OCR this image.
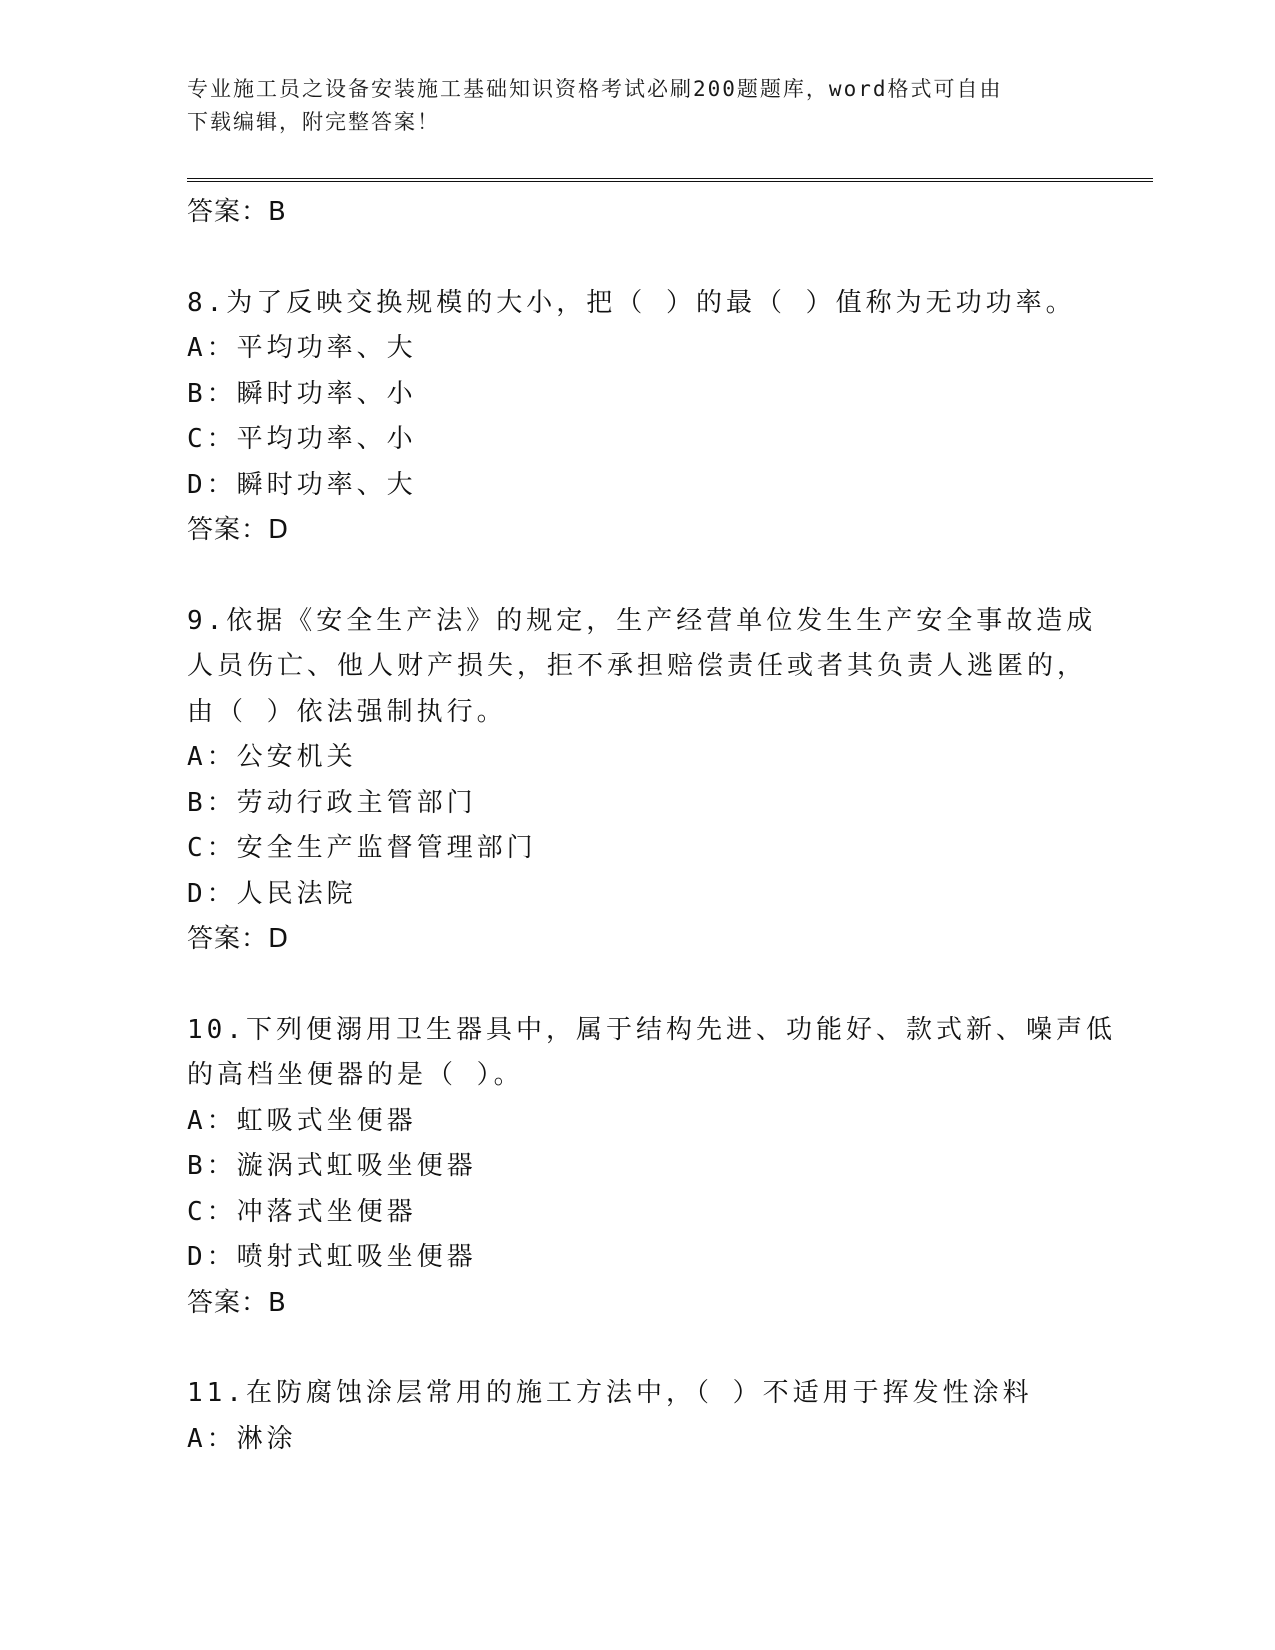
专业施工员之设备安装施工基础知识资格考试必刷200题题库，word格式可自由
下载编辑，附完整答案！
答案：B
8.为了反映交换规模的大小，把（ ）的最（ ）值称为无功功率。
A：平均功率、大
B：瞬时功率、小
C：平均功率、小
D：瞬时功率、大
答案：D
9.依据《安全生产法》的规定，生产经营单位发生生产安全事故造成
人员伤亡、他人财产损失，拒不承担赔偿责任或者其负责人逃匿的，
由（ ）依法强制执行。
A：公安机关
B：劳动行政主管部门
C：安全生产监督管理部门
D：人民法院
答案：D
10.下列便溺用卫生器具中，属于结构先进、功能好、款式新、噪声低
的高档坐便器的是（ ）。
A：虹吸式坐便器
B：漩涡式虹吸坐便器
C：冲落式坐便器
D：喷射式虹吸坐便器
答案：B
11.在防腐蚀涂层常用的施工方法中，（ ）不适用于挥发性涂料
A：淋涂
